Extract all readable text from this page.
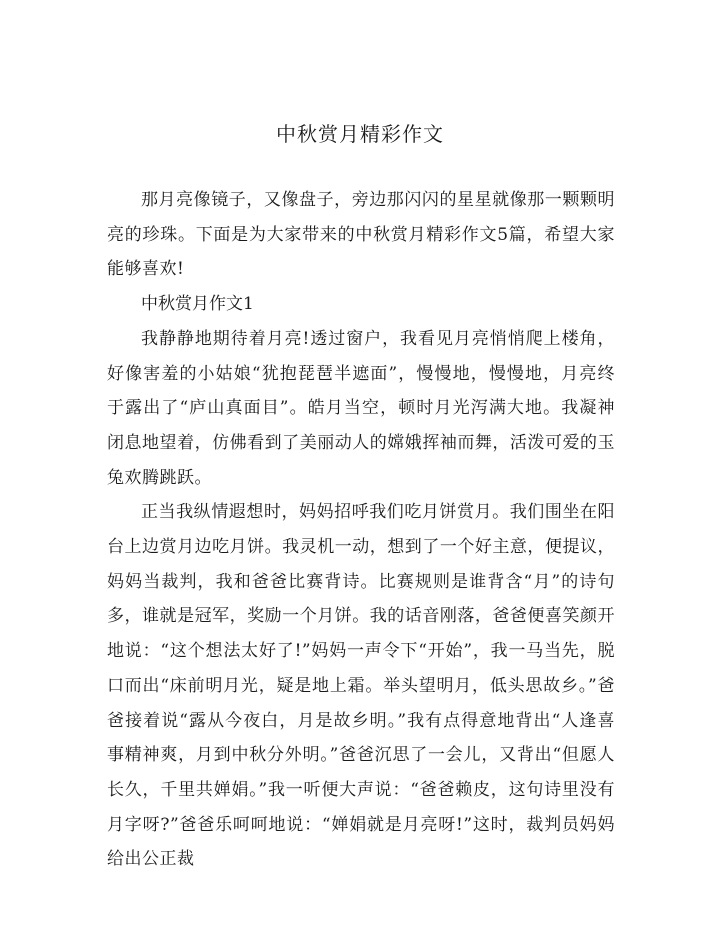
中秋赏月精彩作文

那月亮像镜子，又像盘子，旁边那闪闪的星星就像那一颗颗明亮的珍珠。下面是为大家带来的中秋赏月精彩作文5篇，希望大家能够喜欢!

中秋赏月作文1

我静静地期待着月亮!透过窗户，我看见月亮悄悄爬上楼角，好像害羞的小姑娘“犹抱琵琶半遮面”，慢慢地，慢慢地，月亮终于露出了“庐山真面目”。皓月当空，顿时月光泻满大地。我凝神闭息地望着，仿佛看到了美丽动人的嫦娥挥袖而舞，活泼可爱的玉兔欢腾跳跃。

正当我纵情遐想时，妈妈招呼我们吃月饼赏月。我们围坐在阳台上边赏月边吃月饼。我灵机一动，想到了一个好主意，便提议，妈妈当裁判，我和爸爸比赛背诗。比赛规则是谁背含“月”的诗句多，谁就是冠军，奖励一个月饼。我的话音刚落，爸爸便喜笑颜开地说：“这个想法太好了!”妈妈一声令下“开始”，我一马当先，脱口而出“床前明月光，疑是地上霜。举头望明月，低头思故乡。”爸爸接着说“露从今夜白，月是故乡明。”我有点得意地背出“人逢喜事精神爽，月到中秋分外明。”爸爸沉思了一会儿，又背出“但愿人长久，千里共婵娟。”我一听便大声说：“爸爸赖皮，这句诗里没有月字呀?”爸爸乐呵呵地说：“婵娟就是月亮呀!”这时，裁判员妈妈给出公正裁
